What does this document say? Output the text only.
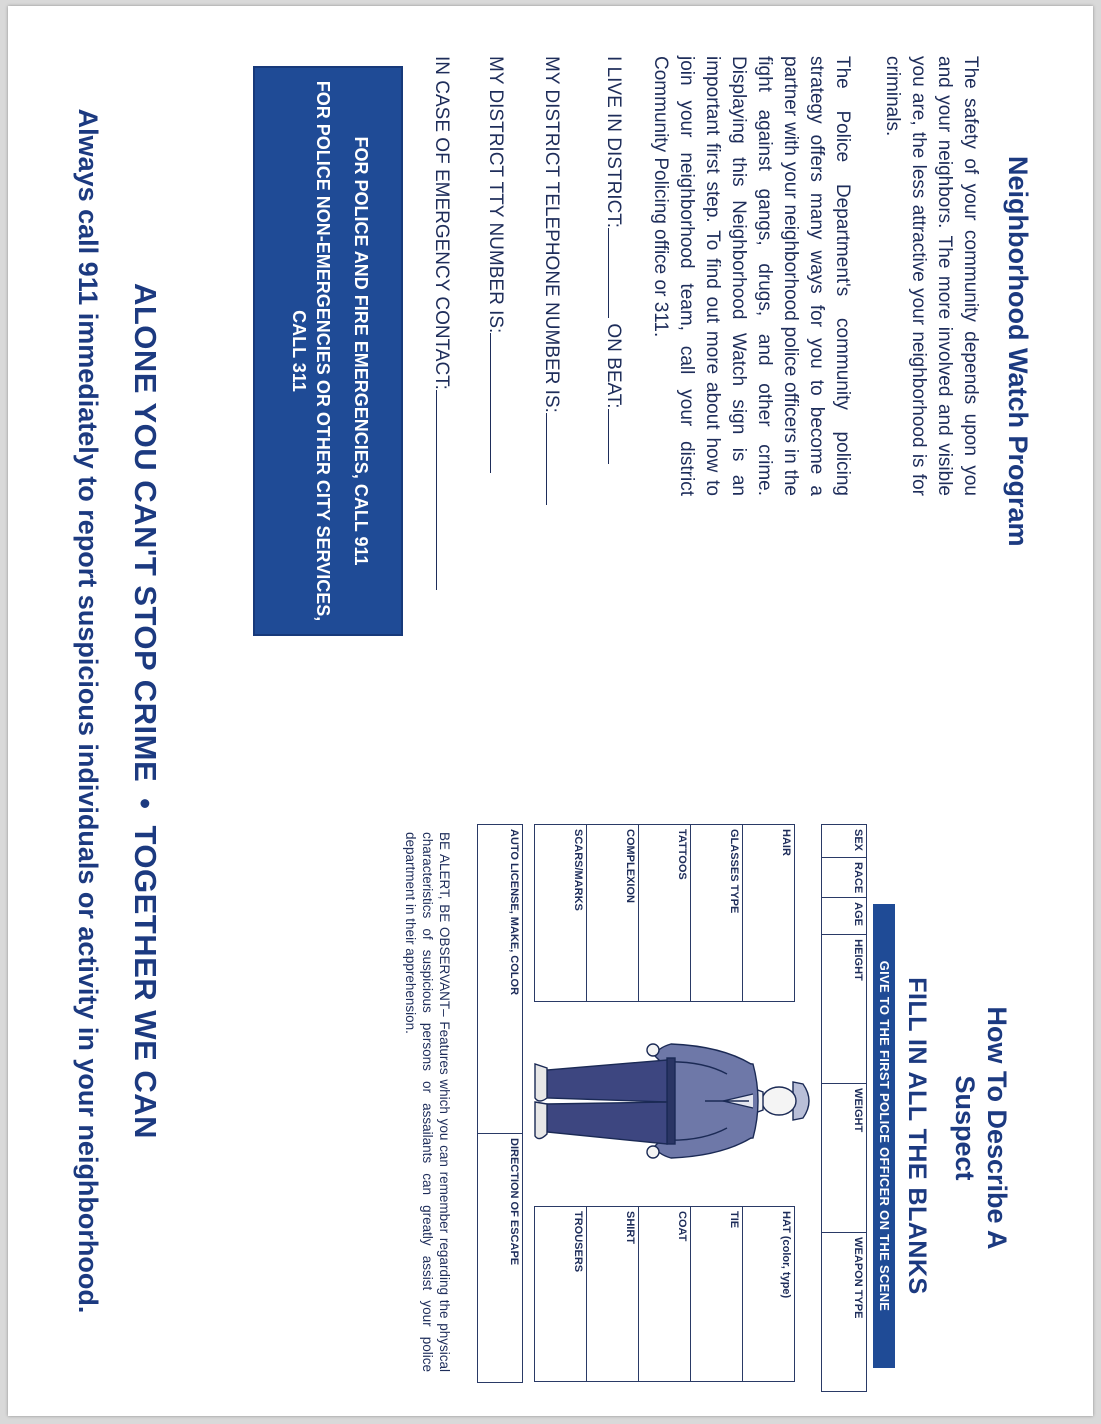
Neighborhood Watch Program
The safety of your community depends upon you and your neighbors. The more involved and visible you are, the less attractive your neighborhood is for criminals.
The Police Department's community policing strategy offers many ways for you to become a partner with your neighborhood police officers in the fight against gangs, drugs, and other crime. Displaying this Neighborhood Watch sign is an important first step. To find out more about how to join your neighborhood team, call your district Community Policing office or 311.
I LIVE IN DISTRICT: ON BEAT:
MY DISTRICT TELEPHONE NUMBER IS:
MY DISTRICT TTY NUMBER IS:
IN CASE OF EMERGENCY CONTACT:
FOR POLICE AND FIRE EMERGENCIES, CALL 911
FOR POLICE NON-EMERGENCIES OR OTHER CITY SERVICES, CALL 311
How To Describe A Suspect
FILL IN ALL THE BLANKS
GIVE TO THE FIRST POLICE OFFICER ON THE SCENE
SEX	RACE	AGE	HEIGHT	WEIGHT	WEAPON TYPE
HAIR
GLASSES TYPE
TATTOOS
COMPLEXION
SCARS/MARKS
HAT (color, type)
TIE
COAT
SHIRT
TROUSERS
AUTO LICENSE, MAKE, COLOR	DIRECTION OF ESCAPE
BE ALERT, BE OBSERVANT– Features which you can remember regarding the physical characteristics of suspicious persons or assailants can greatly assist your police department in their apprehension.
ALONE YOU CAN'T STOP CRIME•TOGETHER WE CAN
Always call 911 immediately to report suspicious individuals or activity in your neighborhood.
